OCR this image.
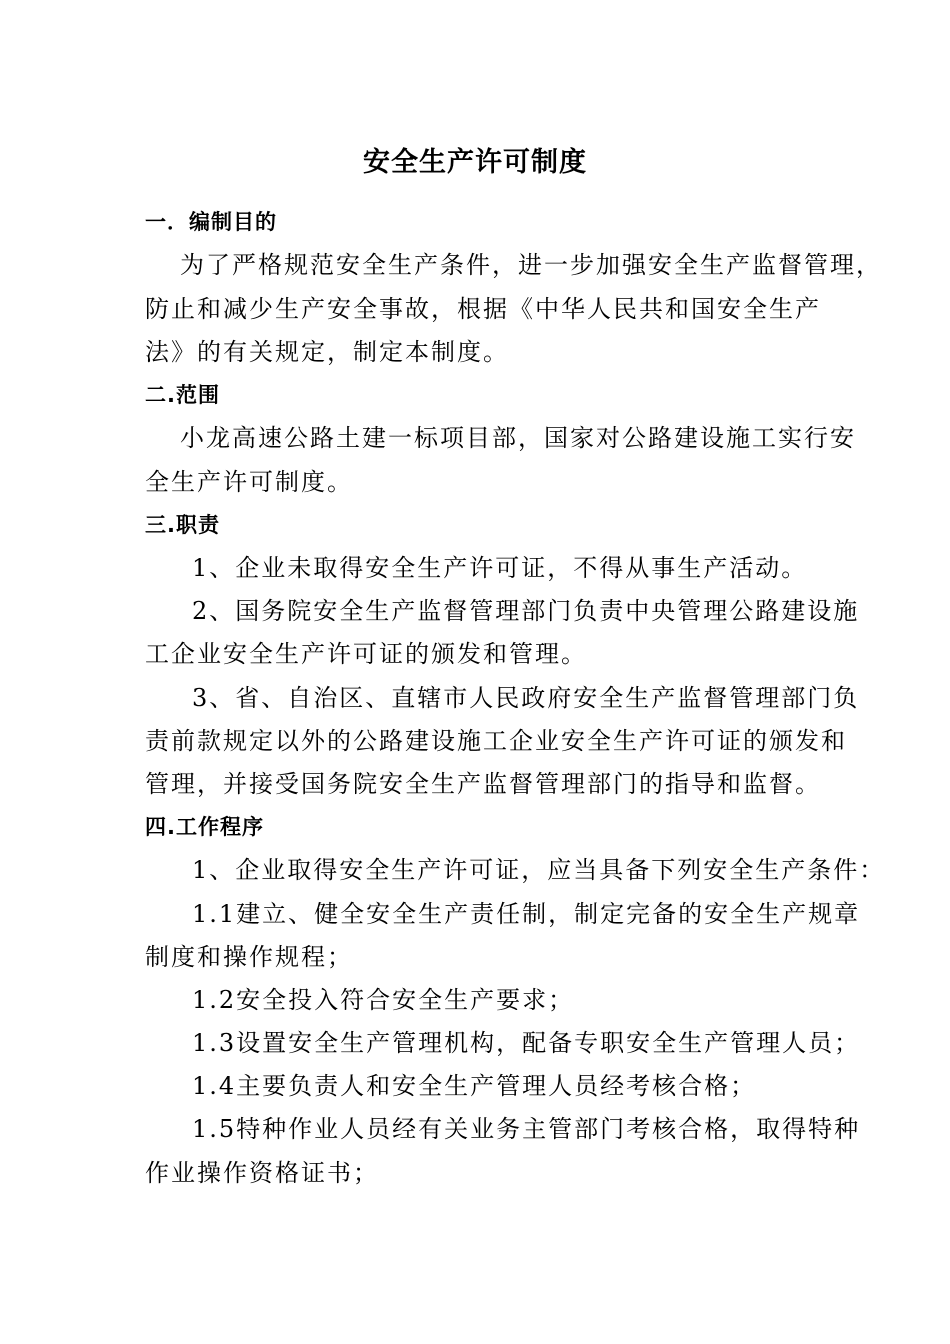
安全生产许可制度
一．编制目的
为了严格规范安全生产条件，进一步加强安全生产监督管理，
防止和减少生产安全事故，根据《中华人民共和国安全生产
法》的有关规定，制定本制度。
二.范围
小龙高速公路土建一标项目部，国家对公路建设施工实行安
全生产许可制度。
三.职责
1、企业未取得安全生产许可证，不得从事生产活动。
2、国务院安全生产监督管理部门负责中央管理公路建设施
工企业安全生产许可证的颁发和管理。
3、省、自治区、直辖市人民政府安全生产监督管理部门负
责前款规定以外的公路建设施工企业安全生产许可证的颁发和
管理，并接受国务院安全生产监督管理部门的指导和监督。
四.工作程序
1、企业取得安全生产许可证，应当具备下列安全生产条件：
1.1建立、健全安全生产责任制，制定完备的安全生产规章
制度和操作规程；
1.2安全投入符合安全生产要求；
1.3设置安全生产管理机构，配备专职安全生产管理人员；
1.4主要负责人和安全生产管理人员经考核合格；
1.5特种作业人员经有关业务主管部门考核合格，取得特种
作业操作资格证书；
